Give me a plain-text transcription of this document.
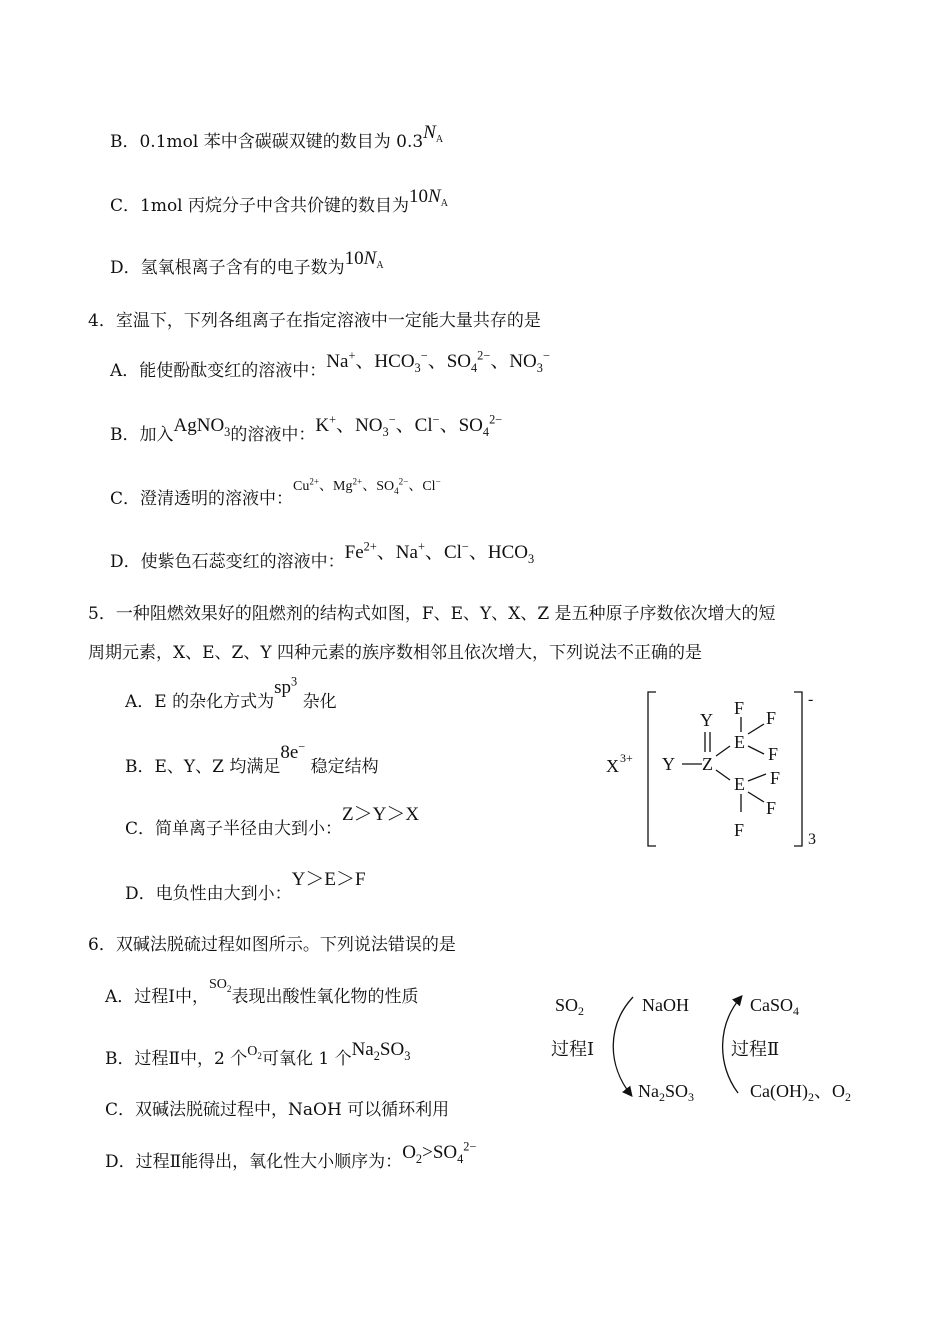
B．0.1mol 苯中含碳碳双键的数目为 $0.3N_A$
C．1mol 丙烷分子中含共价键的数目为$10N_A$
D．氢氧根离子含有的电子数为$10N_A$
4．室温下，下列各组离子在指定溶液中一定能大量共存的是
A．能使酚酞变红的溶液中：Na+、$HCO_3^-$、$SO_4^{2-}$、$NO_3^-$
B．加入AgNO$_3$的溶液中：K+、$NO_3^-$、Cl−、$SO_4^{2-}$
C．澄清透明的溶液中：$^{Cu^{2+}、Mg^{2+}、SO_4^{2-}、Cl^-}$
D．使紫色石蕊变红的溶液中：$Fe^{2+}$、Na+、Cl−、$HCO_3$
5．一种阻燃效果好的阻燃剂的结构式如图，F、E、Y、X、Z 是五种原子序数依次增大的短
周期元素，X、E、Z、Y 四种元素的族序数相邻且依次增大，下列说法不正确的是
A．E 的杂化方式为$sp^3$ 杂化
B．E、Y、Z 均满足8e− 稳定结构
C．简单离子半径由大到小：Z＞Y＞X
D．电负性由大到小：Y＞E＞F
X 3+ Y
Y
Z
E
E
F F
F
F
F
F
-
3
6．双碱法脱硫过程如图所示。下列说法错误的是
A．过程Ⅰ中，$^{SO_2}$表现出酸性氧化物的性质
B．过程Ⅱ中，2 个$^{O_2}$可氧化 1 个$Na_2SO_3$
C．双碱法脱硫过程中，NaOH 可以循环利用
D．过程Ⅱ能得出，氧化性大小顺序为：$O_2>SO_4^{2-}$
$SO_2$	NaOH	CaSO$_4$
过程Ⅰ	过程Ⅱ
$Na_2SO_3$	$Ca(OH)_2$、$O_2$
